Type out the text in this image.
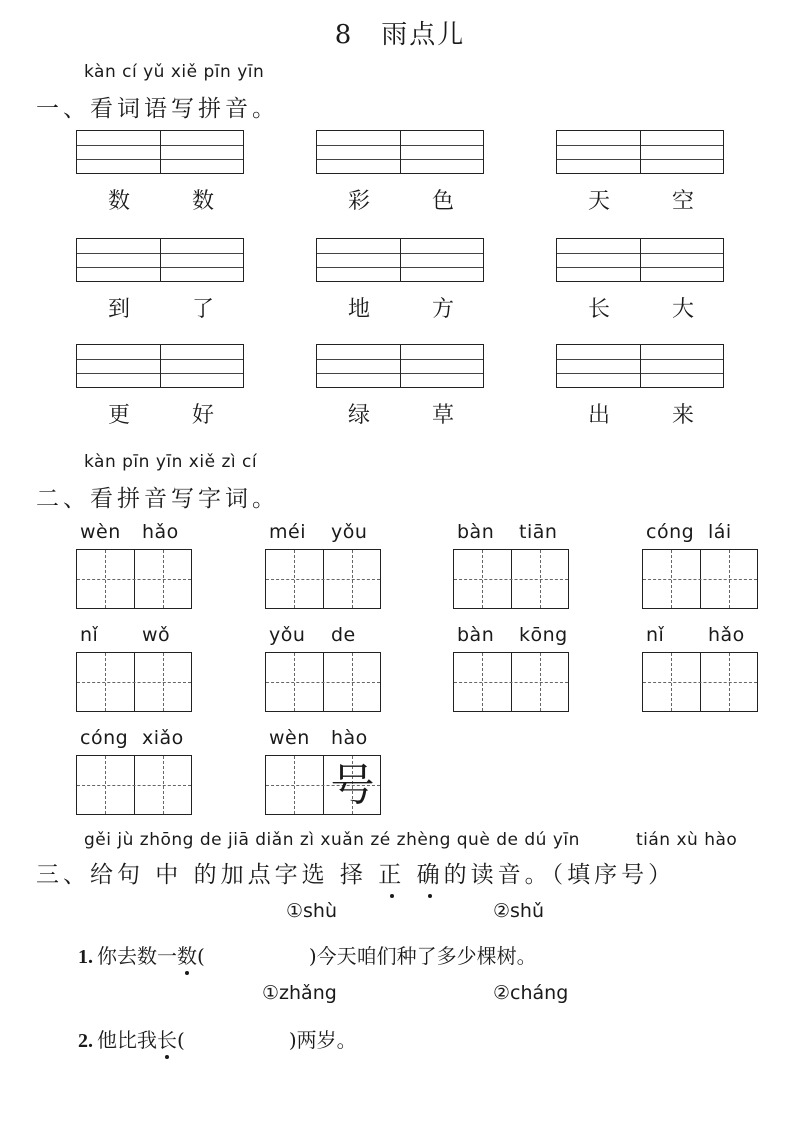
8 雨点儿
kàn cí yǔ xiě pīn yīn
一、看词语写拼音。
数	数	彩	色	天	空
到	了	地	方	长	大
更	好	绿	草	出	来
kàn pīn yīn xiě zì cí
二、看拼音写字词。
wèn hǎo	méi yǒu	bàn tiān	cóng lái
nǐ wǒ	yǒu de	bàn kōng	nǐ hǎo
cóng xiǎo	wèn hào
号
gěi jù zhōng de jiā diǎn zì xuǎn zé zhèng què de dú yīn	tián xù hào
三、给句 中 的加点字选 择 正 确的读音。（填序号）
①shù	②shǔ
1. 你去数一数(	)今天咱们种了多少棵树。
①zhǎng	②cháng
2. 他比我长(	)两岁。
